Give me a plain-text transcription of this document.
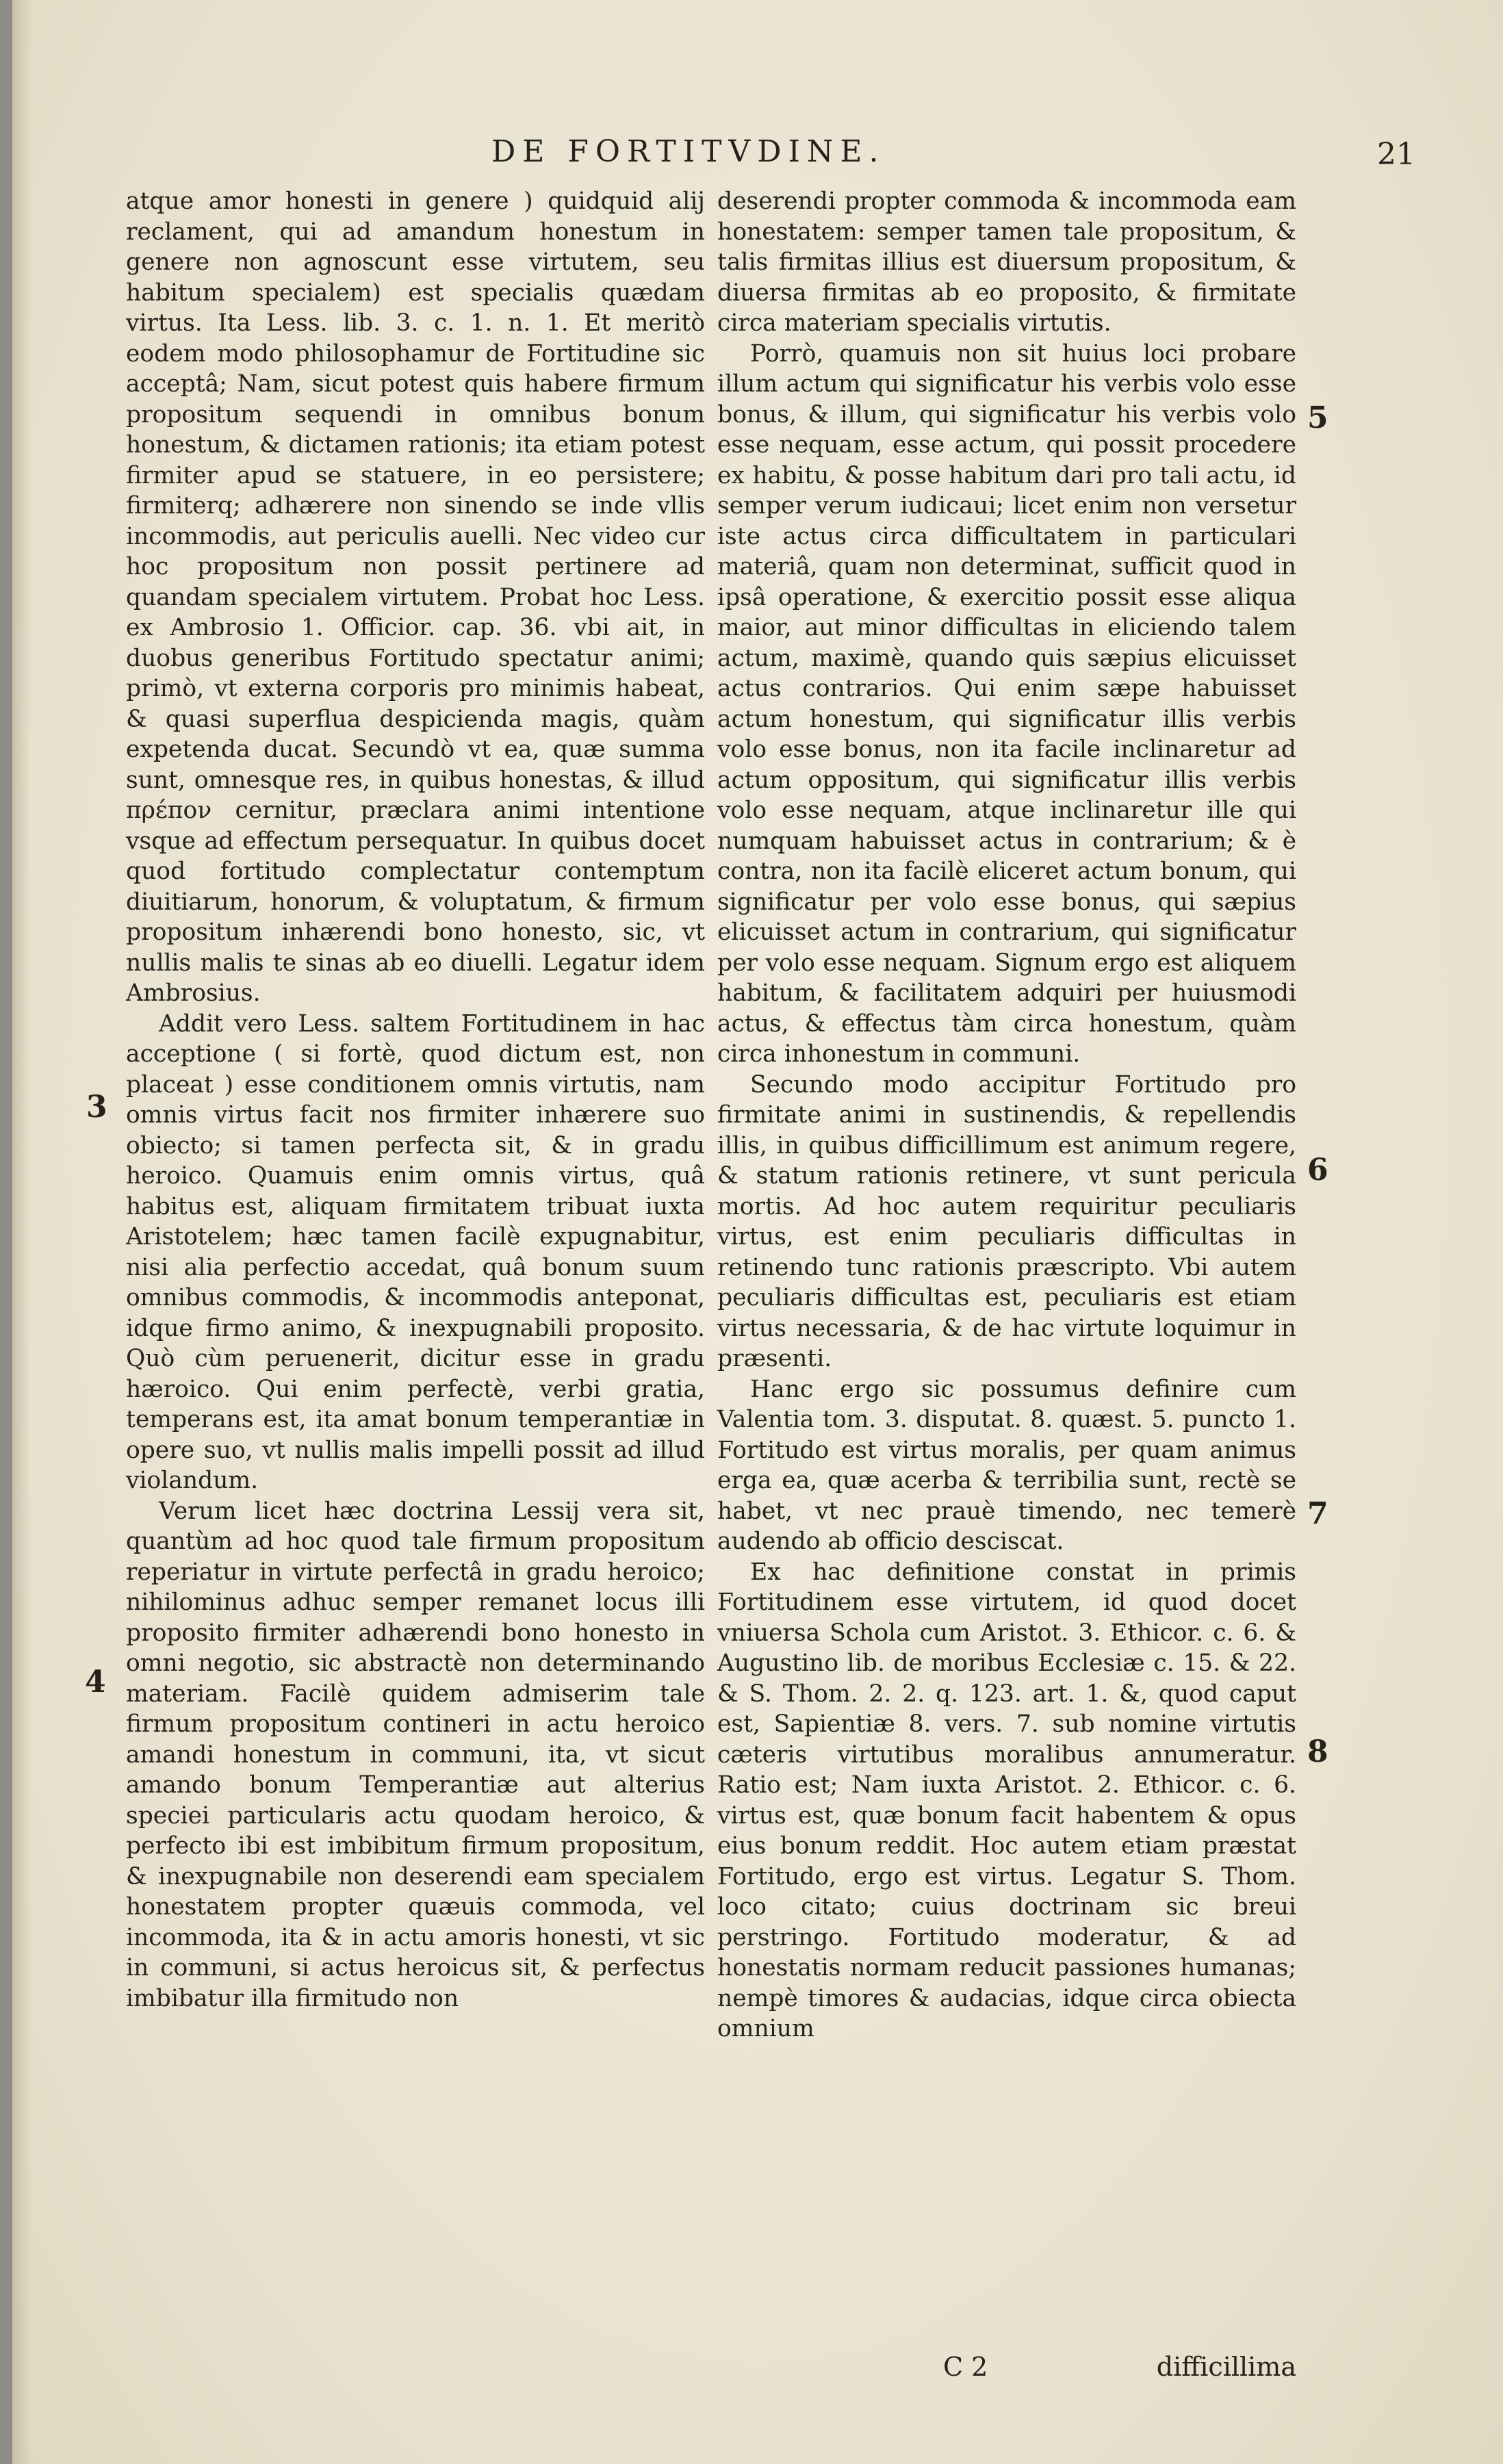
DE FORTITVDINE.	21

atque amor honesti in genere ) quidquid alij reclament, qui ad amandum honestum in genere non agnoscunt esse virtutem, seu habitum specialem) est specialis quædam virtus. Ita Less. lib. 3. c. 1. n. 1. Et meritò eodem modo philosophamur de Fortitudine sic acceptâ; Nam, sicut potest quis habere firmum propositum sequendi in omnibus bonum honestum, & dictamen rationis; ita etiam potest firmiter apud se statuere, in eo persistere; firmiterq; adhærere non sinendo se inde vllis incommodis, aut periculis auelli. Nec video cur hoc propositum non possit pertinere ad quandam specialem virtutem. Probat hoc Less. ex Ambrosio 1. Officior. cap. 36. vbi ait, in duobus generibus Fortitudo spectatur animi; primò, vt externa corporis pro minimis habeat, & quasi superflua despicienda magis, quàm expetenda ducat. Secundò vt ea, quæ summa sunt, omnesque res, in quibus honestas, & illud πρέπον cernitur, præclara animi intentione vsque ad effectum persequatur. In quibus docet quod fortitudo complectatur contemptum diuitiarum, honorum, & voluptatum, & firmum propositum inhærendi bono honesto, sic, vt nullis malis te sinas ab eo diuelli. Legatur idem Ambrosius.

Addit vero Less. saltem Fortitudinem in hac acceptione ( si fortè, quod dictum est, non placeat ) esse conditionem omnis virtutis, nam omnis virtus facit nos firmiter inhærere suo obiecto; si tamen perfecta sit, & in gradu heroico. Quamuis enim omnis virtus, quâ habitus est, aliquam firmitatem tribuat iuxta Aristotelem; hæc tamen facilè expugnabitur, nisi alia perfectio accedat, quâ bonum suum omnibus commodis, & incommodis anteponat, idque firmo animo, & inexpugnabili proposito. Quò cùm peruenerit, dicitur esse in gradu hæroico. Qui enim perfectè, verbi gratia, temperans est, ita amat bonum temperantiæ in opere suo, vt nullis malis impelli possit ad illud violandum.

Verum licet hæc doctrina Lessij vera sit, quantùm ad hoc quod tale firmum propositum reperiatur in virtute perfectâ in gradu heroico; nihilominus adhuc semper remanet locus illi proposito firmiter adhærendi bono honesto in omni negotio, sic abstractè non determinando materiam. Facilè quidem admiserim tale firmum propositum contineri in actu heroico amandi honestum in communi, ita, vt sicut amando bonum Temperantiæ aut alterius speciei particularis actu quodam heroico, & perfecto ibi est imbibitum firmum propositum, & inexpugnabile non deserendi eam specialem honestatem propter quæuis commoda, vel incommoda, ita & in actu amoris honesti, vt sic in communi, si actus heroicus sit, & perfectus imbibatur illa firmitudo non

3
4

deserendi propter commoda & incommoda eam honestatem: semper tamen tale propositum, & talis firmitas illius est diuersum propositum, & diuersa firmitas ab eo proposito, & firmitate circa materiam specialis virtutis.

Porrò, quamuis non sit huius loci probare illum actum qui significatur his verbis volo esse bonus, & illum, qui significatur his verbis volo esse nequam, esse actum, qui possit procedere ex habitu, & posse habitum dari pro tali actu, id semper verum iudicaui; licet enim non versetur iste actus circa difficultatem in particulari materiâ, quam non determinat, sufficit quod in ipsâ operatione, & exercitio possit esse aliqua maior, aut minor difficultas in eliciendo talem actum, maximè, quando quis sæpius elicuisset actus contrarios. Qui enim sæpe habuisset actum honestum, qui significatur illis verbis volo esse bonus, non ita facile inclinaretur ad actum oppositum, qui significatur illis verbis volo esse nequam, atque inclinaretur ille qui numquam habuisset actus in contrarium; & è contra, non ita facilè eliceret actum bonum, qui significatur per volo esse bonus, qui sæpius elicuisset actum in contrarium, qui significatur per volo esse nequam. Signum ergo est aliquem habitum, & facilitatem adquiri per huiusmodi actus, & effectus tàm circa honestum, quàm circa inhonestum in communi.

Secundo modo accipitur Fortitudo pro firmitate animi in sustinendis, & repellendis illis, in quibus difficillimum est animum regere, & statum rationis retinere, vt sunt pericula mortis. Ad hoc autem requiritur peculiaris virtus, est enim peculiaris difficultas in retinendo tunc rationis præscripto. Vbi autem peculiaris difficultas est, peculiaris est etiam virtus necessaria, & de hac virtute loquimur in præsenti.

Hanc ergo sic possumus definire cum Valentia tom. 3. disputat. 8. quæst. 5. puncto 1. Fortitudo est virtus moralis, per quam animus erga ea, quæ acerba & terribilia sunt, rectè se habet, vt nec prauè timendo, nec temerè audendo ab officio desciscat.

Ex hac definitione constat in primis Fortitudinem esse virtutem, id quod docet vniuersa Schola cum Aristot. 3. Ethicor. c. 6. & Augustino lib. de moribus Ecclesiæ c. 15. & 22. & S. Thom. 2. 2. q. 123. art. 1. &, quod caput est, Sapientiæ 8. vers. 7. sub nomine virtutis cæteris virtutibus moralibus annumeratur. Ratio est; Nam iuxta Aristot. 2. Ethicor. c. 6. virtus est, quæ bonum facit habentem & opus eius bonum reddit. Hoc autem etiam præstat Fortitudo, ergo est virtus. Legatur S. Thom. loco citato; cuius doctrinam sic breui perstringo. Fortitudo moderatur, & ad honestatis normam reducit passiones humanas; nempè timores & audacias, idque circa obiecta omnium

5
6
7
8
C 2	difficillima
